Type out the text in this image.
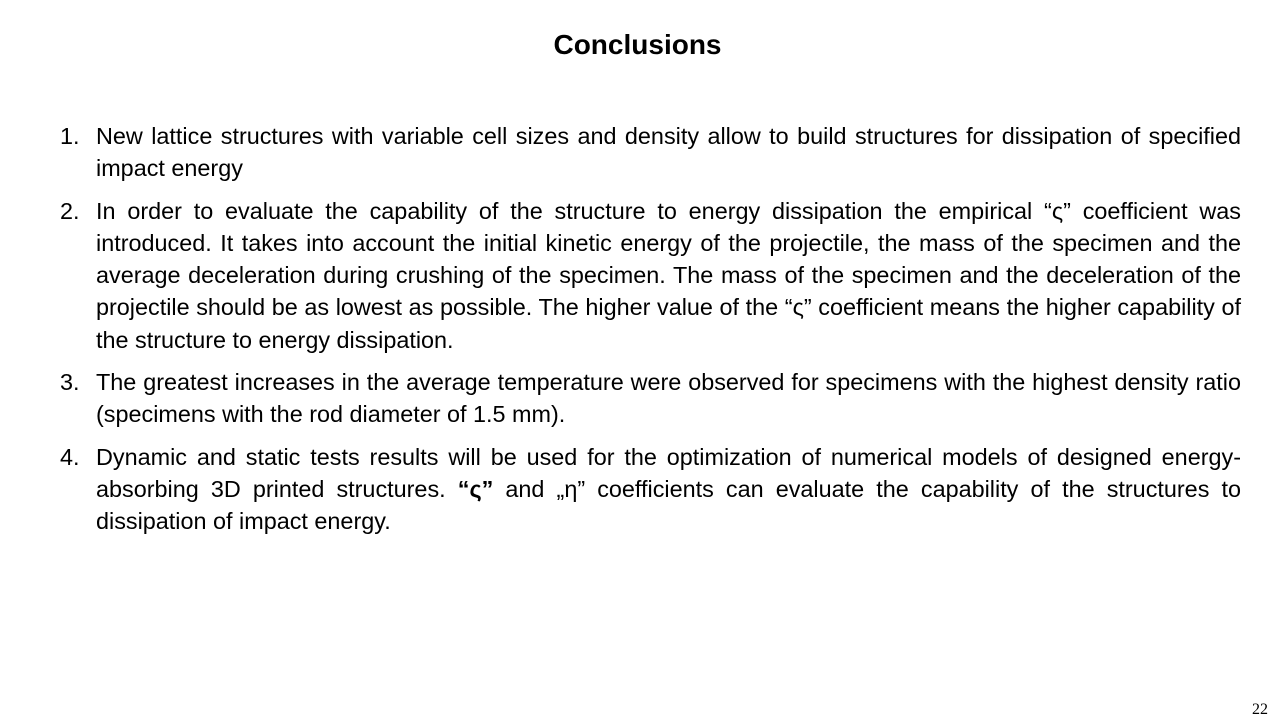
Conclusions
1. New lattice structures with variable cell sizes and density allow to build structures for dissipation of specified impact energy
2. In order to evaluate the capability of the structure to energy dissipation the empirical “ς” coefficient was introduced. It takes into account the initial kinetic energy of the projectile, the mass of the specimen and the average deceleration during crushing of the specimen. The mass of the specimen and the deceleration of the projectile should be as lowest as possible. The higher value of the “ς” coefficient means the higher capability of the structure to energy dissipation.
3. The greatest increases in the average temperature were observed for specimens with the highest density ratio (specimens with the rod diameter of 1.5 mm).
4. Dynamic and static tests results will be used for the optimization of numerical models of designed energy-absorbing 3D printed structures. “ς” and „η” coefficients can evaluate the capability of the structures to dissipation of impact energy.
22
